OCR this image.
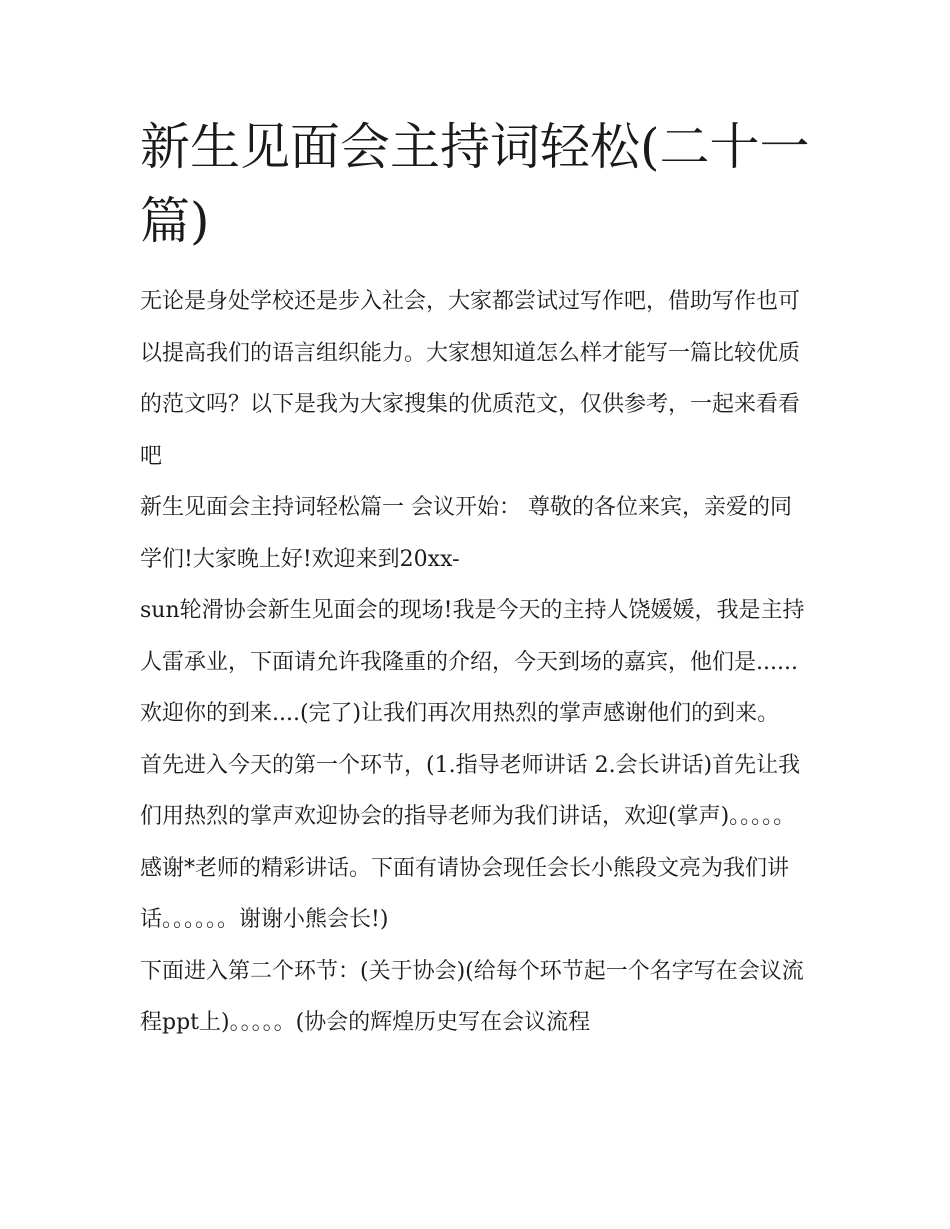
新生见面会主持词轻松(二十一篇)

无论是身处学校还是步入社会，大家都尝试过写作吧，借助写作也可以提高我们的语言组织能力。大家想知道怎么样才能写一篇比较优质的范文吗？以下是我为大家搜集的优质范文，仅供参考，一起来看看吧

新生见面会主持词轻松篇一 会议开始： 尊敬的各位来宾，亲爱的同学们!大家晚上好!欢迎来到20xx-

sun轮滑协会新生见面会的现场!我是今天的主持人饶媛媛，我是主持人雷承业，下面请允许我隆重的介绍，今天到场的嘉宾，他们是......欢迎你的到来....(完了)让我们再次用热烈的掌声感谢他们的到来。

首先进入今天的第一个环节，(1.指导老师讲话 2.会长讲话)首先让我们用热烈的掌声欢迎协会的指导老师为我们讲话，欢迎(掌声)。。。。。感谢*老师的精彩讲话。下面有请协会现任会长小熊段文亮为我们讲话。。。。。。谢谢小熊会长!)

下面进入第二个环节：(关于协会)(给每个环节起一个名字写在会议流程ppt上)。。。。。(协会的辉煌历史写在会议流程
